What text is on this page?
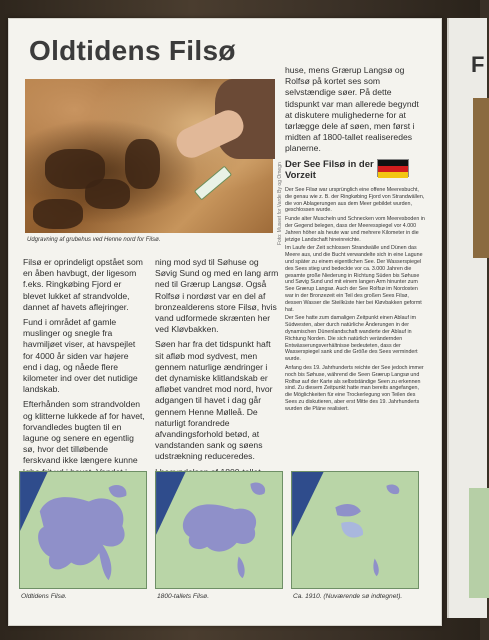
F
Oldtidens Filsø
Foto: Museet for Varde By og Omegn
Udgravning af grubehus ved Henne nord for Filsø.

Filsø er oprindeligt opstået som en åben havbugt, der ligesom f.eks. Ringkøbing Fjord er blevet lukket af strandvolde, dannet af havets aflejringer.

Fund i området af gamle muslinger og snegle fra havmiljøet viser, at havspejlet for 4000 år siden var højere end i dag, og nåede flere kilometer ind over det nutidige landskab.

Efterhånden som strandvolden og klitterne lukkede af for havet, forvandledes bugten til en lagune og senere en egentlig sø, hvor det tilløbende ferskvand ikke længere kunne

ning mod syd til Søhuse og Søvig Sund og med en lang arm ned til Grærup Langsø. Også Rolfsø i nordøst var en del af bronzealderens store Filsø, hvis vand udformede skrænten her ved Kløvbakken.

Søen har fra det tidspunkt haft sit afløb mod sydvest, men gennem naturlige ændringer i det dynamiske klitlandskab er afløbet vandret mod nord, hvor adgangen til havet i dag går gennem Henne Mølleå. De naturligt forandrede afvandingsforhold betød, at vandstanden sank og søens udstrækning reduceredes.

huse, mens Grærup Langsø og Rolfsø på kortet ses som selvstændige søer. På dette tidspunkt var man allerede begyndt at diskutere mulighederne for at tørlægge dele af søen, men først i midten af 1800-tallet realiseredes planerne.

Der See Filsø in der Vorzeit

Der See Filsø war ursprünglich eine offene Meeresbucht, die genau wie z. B. der Ringkøbing Fjord von Strandwällen, die von Ablagerungen aus dem Meer gebildet wurden, geschlossen wurde.

Funde alter Muscheln und Schnecken vom Meeresboden in der Gegend belegen, dass der Meeresspiegel vor 4.000 Jahren höher als heute war und mehrere Kilometer in die jetzige Landschaft hineinreichte.

Im Laufe der Zeit schlossen Strandwälle und Dünen das Meere aus, und die Bucht verwandelte sich in eine Lagune und später zu einem eigentlichen See. Der Wasserspiegel des Sees stieg und bedeckte vor ca. 3.000 Jahren die gesamte große Niederung in Richtung Süden bis Søhuse und Søvig Sund und mit einem langen Arm hinunter zum See Grærup Langsø. Auch der See Rolfsø im Nordosten war in der Bronzezeit ein Teil des großen Sees Filsø, dessen Wasser die Steilküste hier bei Kløvbakken geformt hat.

Der See hatte zum damaligen Zeitpunkt einen Ablauf im Südwesten, aber durch natürliche Änderungen in der dynamischen Dünenlandschaft wanderte der Ablauf in Richtung Norden. Die sich natürlich verändernden Entwässerungsverhältnisse bedeuteten, dass der Wasserspiegel sank und die Größe des Sees vermindert wurde.

Anfang des 19. Jahrhunderts reichte der See jedoch immer noch bis Søhuse, während die Seen Grærup Langsø und Rolfsø auf der Karte als selbstständige Seen zu erkennen sind. Zu diesem Zeitpunkt hatte man bereits angefangen, die Möglichkeiten für eine Trockerlegung von Teilen des Sees zu diskutieren, aber erst Mitte des 19. Jahrhunderts wurden die Pläne realisiert.

Oldtidens Filsø.	1800-tallets Filsø.	Ca. 1910. (Nuværende sø indtegnet).
